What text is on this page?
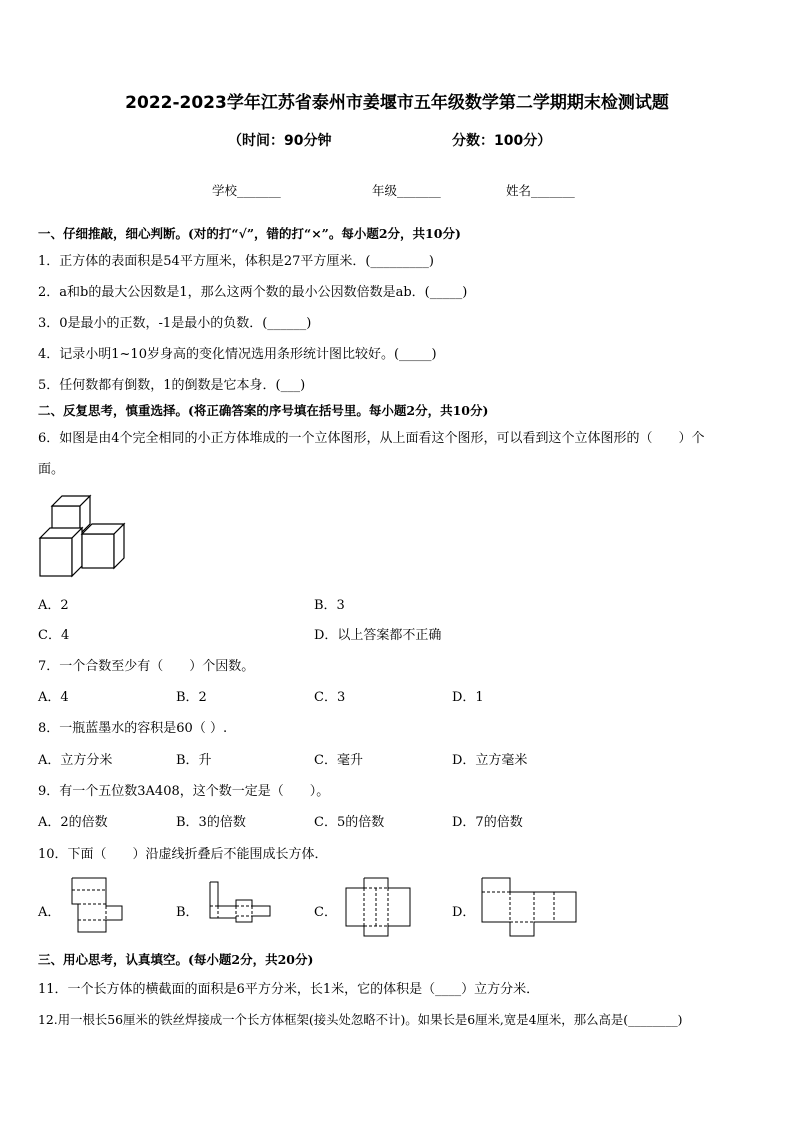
2022-2023学年江苏省泰州市姜堰市五年级数学第二学期期末检测试题
（时间：90分钟	分数：100分）
学校_______	年级_______	姓名_______
一、仔细推敲，细心判断。(对的打“√”，错的打“×”。每小题2分，共10分)
1．正方体的表面积是54平方厘米，体积是27平方厘米．(_________)
2．a和b的最大公因数是1，那么这两个数的最小公因数倍数是ab．(_____)
3．0是最小的正数，-1是最小的负数．(______)
4．记录小明1~10岁身高的变化情况选用条形统计图比较好。(_____)
5．任何数都有倒数，1的倒数是它本身．(___)
二、反复思考，慎重选择。(将正确答案的序号填在括号里。每小题2分，共10分)
6．如图是由4个完全相同的小正方体堆成的一个立体图形，从上面看这个图形，可以看到这个立体图形的（　　）个
面。
A．2	B．3
C．4	D．以上答案都不正确
7．一个合数至少有（　　）个因数。
A．4	B．2	C．3	D．1
8．一瓶蓝墨水的容积是60（ ）.
A．立方分米	B．升	C．毫升	D．立方毫米
9．有一个五位数3A408，这个数一定是（　　）。
A．2的倍数	B．3的倍数	C．5的倍数	D．7的倍数
10．下面（　　）沿虚线折叠后不能围成长方体．
A．	B．	C．	D．
三、用心思考，认真填空。(每小题2分，共20分)
11．一个长方体的横截面的面积是6平方分米，长1米，它的体积是（____）立方分米．
12.用一根长56厘米的铁丝焊接成一个长方体框架(接头处忽略不计)。如果长是6厘米,宽是4厘米，那么高是(________)
